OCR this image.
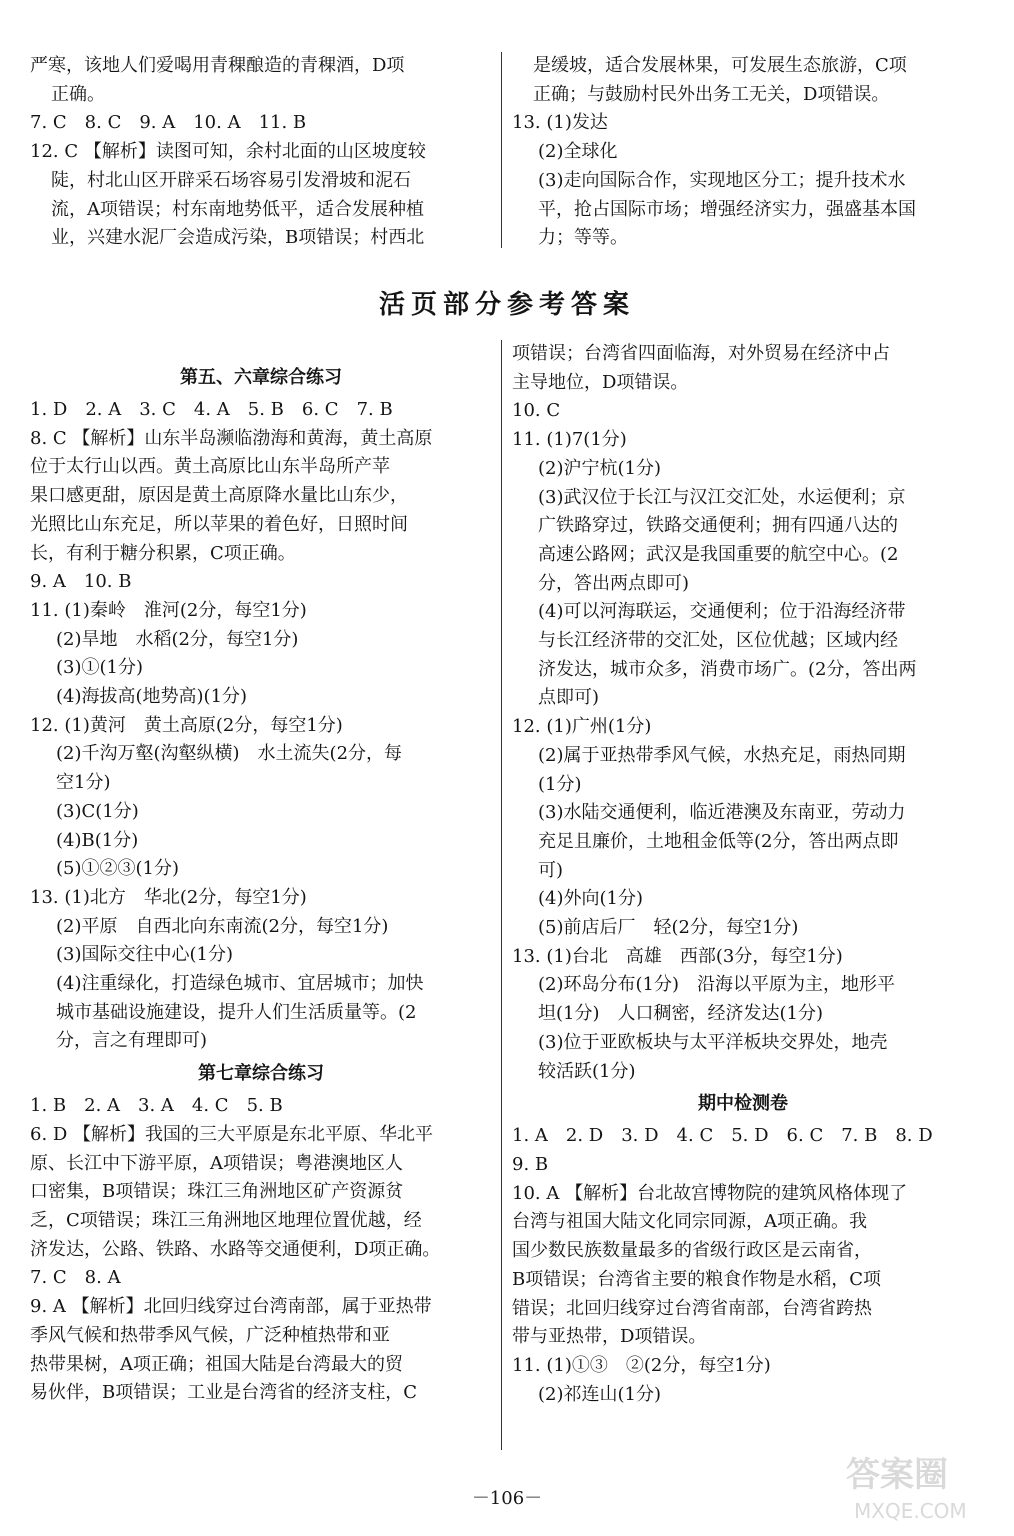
严寒，该地人们爱喝用青稞酿造的青稞酒，D项
正确。
7. C　8. C　9. A　10. A　11. B
12. C 【解析】读图可知，余村北面的山区坡度较
陡，村北山区开辟采石场容易引发滑坡和泥石
流，A项错误；村东南地势低平，适合发展种植
业，兴建水泥厂会造成污染，B项错误；村西北
是缓坡，适合发展林果，可发展生态旅游，C项
正确；与鼓励村民外出务工无关，D项错误。
13. (1)发达
(2)全球化
(3)走向国际合作，实现地区分工；提升技术水
平，抢占国际市场；增强经济实力，强盛基本国
力；等等。
活页部分参考答案
第五、六章综合练习
1. D　2. A　3. C　4. A　5. B　6. C　7. B
8. C 【解析】山东半岛濒临渤海和黄海，黄土高原
位于太行山以西。黄土高原比山东半岛所产苹
果口感更甜，原因是黄土高原降水量比山东少，
光照比山东充足，所以苹果的着色好，日照时间
长，有利于糖分积累，C项正确。
9. A　10. B
11. (1)秦岭　淮河(2分，每空1分)
(2)旱地　水稻(2分，每空1分)
(3)①(1分)
(4)海拔高(地势高)(1分)
12. (1)黄河　黄土高原(2分，每空1分)
(2)千沟万壑(沟壑纵横)　水土流失(2分，每
空1分)
(3)C(1分)
(4)B(1分)
(5)①②③(1分)
13. (1)北方　华北(2分，每空1分)
(2)平原　自西北向东南流(2分，每空1分)
(3)国际交往中心(1分)
(4)注重绿化，打造绿色城市、宜居城市；加快
城市基础设施建设，提升人们生活质量等。(2
分，言之有理即可)
第七章综合练习
1. B　2. A　3. A　4. C　5. B
6. D 【解析】我国的三大平原是东北平原、华北平
原、长江中下游平原，A项错误；粤港澳地区人
口密集，B项错误；珠江三角洲地区矿产资源贫
乏，C项错误；珠江三角洲地区地理位置优越，经
济发达，公路、铁路、水路等交通便利，D项正确。
7. C　8. A
9. A 【解析】北回归线穿过台湾南部，属于亚热带
季风气候和热带季风气候，广泛种植热带和亚
热带果树，A项正确；祖国大陆是台湾最大的贸
易伙伴，B项错误；工业是台湾省的经济支柱，C
项错误；台湾省四面临海，对外贸易在经济中占
主导地位，D项错误。
10. C
11. (1)7(1分)
(2)沪宁杭(1分)
(3)武汉位于长江与汉江交汇处，水运便利；京
广铁路穿过，铁路交通便利；拥有四通八达的
高速公路网；武汉是我国重要的航空中心。(2
分，答出两点即可)
(4)可以河海联运，交通便利；位于沿海经济带
与长江经济带的交汇处，区位优越；区域内经
济发达，城市众多，消费市场广。(2分，答出两
点即可)
12. (1)广州(1分)
(2)属于亚热带季风气候，水热充足，雨热同期
(1分)
(3)水陆交通便利，临近港澳及东南亚，劳动力
充足且廉价，土地租金低等(2分，答出两点即
可)
(4)外向(1分)
(5)前店后厂　轻(2分，每空1分)
13. (1)台北　高雄　西部(3分，每空1分)
(2)环岛分布(1分)　沿海以平原为主，地形平
坦(1分)　人口稠密，经济发达(1分)
(3)位于亚欧板块与太平洋板块交界处，地壳
较活跃(1分)
期中检测卷
1. A　2. D　3. D　4. C　5. D　6. C　7. B　8. D
9. B
10. A 【解析】台北故宫博物院的建筑风格体现了
台湾与祖国大陆文化同宗同源，A项正确。我
国少数民族数量最多的省级行政区是云南省，
B项错误；台湾省主要的粮食作物是水稻，C项
错误；北回归线穿过台湾省南部，台湾省跨热
带与亚热带，D项错误。
11. (1)①③　②(2分，每空1分)
(2)祁连山(1分)
－106－
答案圈
MXQE.COM
